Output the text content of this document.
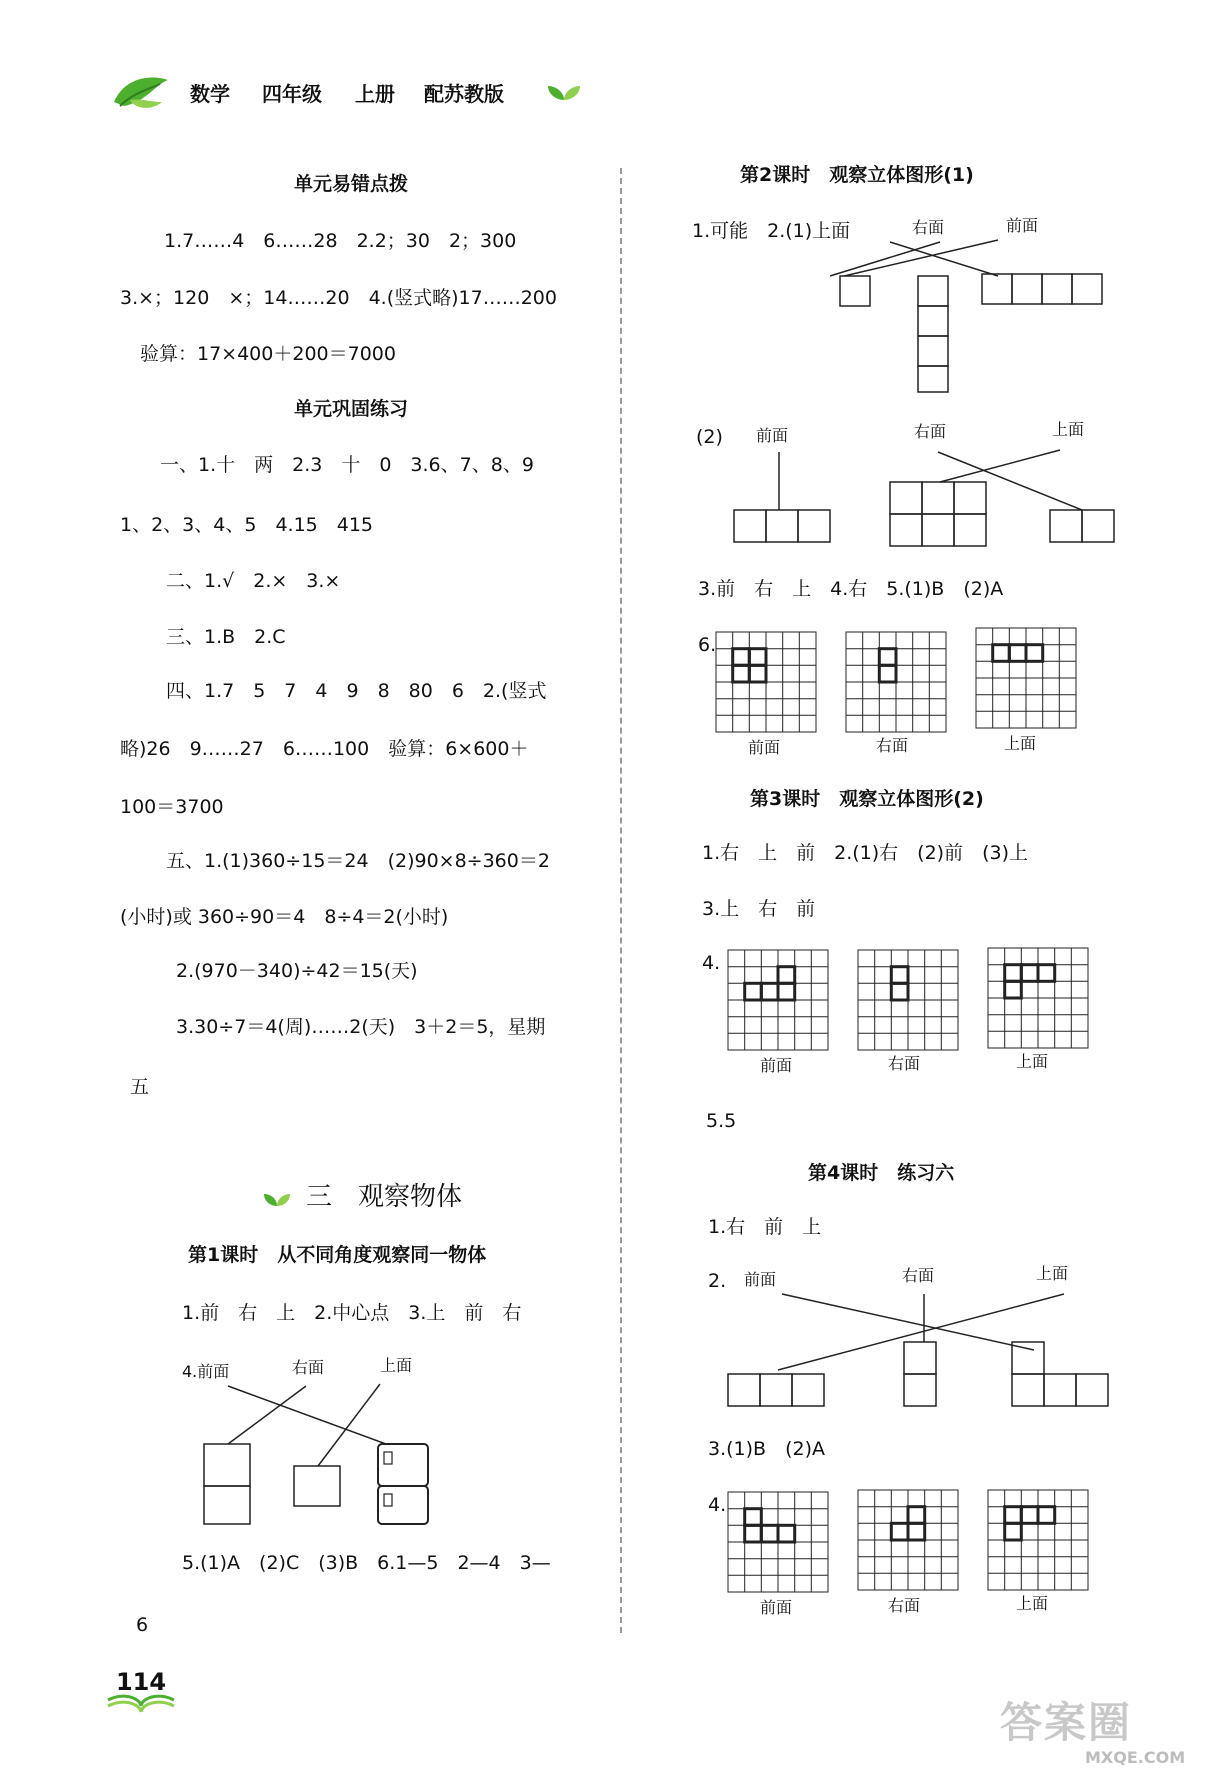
数学 四年级 上册 配苏教版
单元易错点拨
1.7……4　6……28　2.2；30　2；300
3.×；120　×；14……20　4.(竖式略)17……200
验算：17×400＋200＝7000
单元巩固练习
一、1.十　两　2.3　十　0　3.6、7、8、9
1、2、3、4、5　4.15　415
二、1.√　2.×　3.×
三、1.B　2.C
四、1.7　5　7　4　9　8　80　6　2.(竖式
略)26　9……27　6……100　验算：6×600＋
100＝3700
五、1.(1)360÷15＝24　(2)90×8÷360＝2
(小时)或 360÷90＝4　8÷4＝2(小时)
2.(970－340)÷42＝15(天)
3.30÷7＝4(周)……2(天)　3＋2＝5，星期
五
三　观察物体
第1课时　从不同角度观察同一物体
1.前　右　上　2.中心点　3.上　前　右
4.前面	右面	上面
5.(1)A　(2)C　(3)B　6.1—5　2—4　3—
6
第2课时　观察立体图形(1)
1.可能　2.(1)上面	右面	前面
(2) 前面	右面	上面
3.前　右　上　4.右　5.(1)B　(2)A
6.
前面	右面	上面
第3课时　观察立体图形(2)
1.右　上　前　2.(1)右　(2)前　(3)上
3.上　右　前
4.
前面	右面	上面
5.5
第4课时　练习六
1.右　前　上
2. 前面	右面	上面
3.(1)B　(2)A
4.
前面	右面	上面
114
答案圈
MXQE.COM
